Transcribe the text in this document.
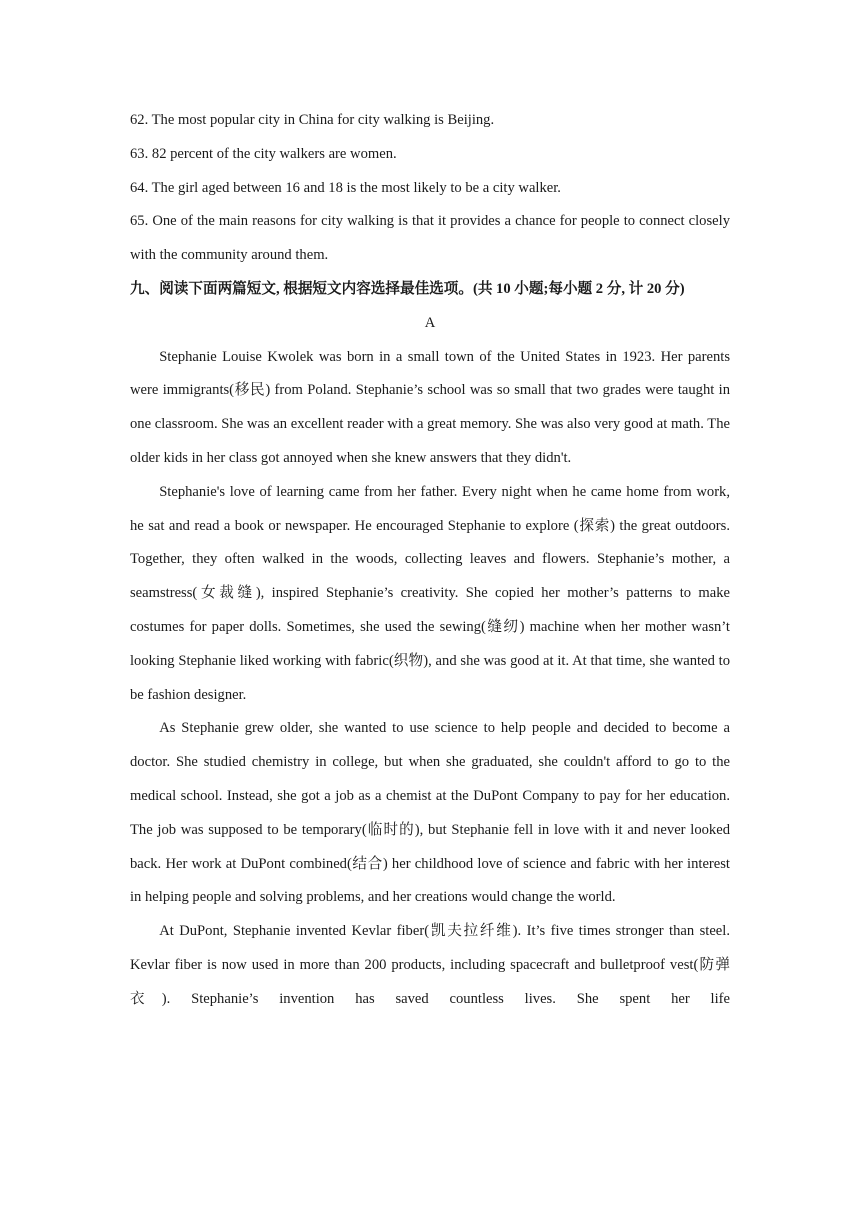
62. The most popular city in China for city walking is Beijing.

63. 82 percent of the city walkers are women.

64. The girl aged between 16 and 18 is the most likely to be a city walker.

65. One of the main reasons for city walking is that it provides a chance for people to connect closely with the community around them.

九、阅读下面两篇短文, 根据短文内容选择最佳选项。(共 10 小题;每小题 2 分, 计 20 分)

A

Stephanie Louise Kwolek was born in a small town of the United States in 1923. Her parents were immigrants(移民) from Poland. Stephanie’s school was so small that two grades were taught in one classroom. She was an excellent reader with a great memory. She was also very good at math. The older kids in her class got annoyed when she knew answers that they didn't.

Stephanie's love of learning came from her father. Every night when he came home from work, he sat and read a book or newspaper. He encouraged Stephanie to explore (探索) the great outdoors. Together, they often walked in the woods, collecting leaves and flowers. Stephanie’s mother, a seamstress(女裁缝), inspired Stephanie’s creativity. She copied her mother’s patterns to make costumes for paper dolls. Sometimes, she used the sewing(缝纫) machine when her mother wasn’t looking Stephanie liked working with fabric(织物), and she was good at it. At that time, she wanted to be fashion designer.

As Stephanie grew older, she wanted to use science to help people and decided to become a doctor. She studied chemistry in college, but when she graduated, she couldn't afford to go to the medical school. Instead, she got a job as a chemist at the DuPont Company to pay for her education. The job was supposed to be temporary(临时的), but Stephanie fell in love with it and never looked back. Her work at DuPont combined(结合) her childhood love of science and fabric with her interest in helping people and solving problems, and her creations would change the world.

At DuPont, Stephanie invented Kevlar fiber(凯夫拉纤维). It’s five times stronger than steel. Kevlar fiber is now used in more than 200 products, including spacecraft and bulletproof vest(防弹衣). Stephanie’s invention has saved countless lives. She spent her life
